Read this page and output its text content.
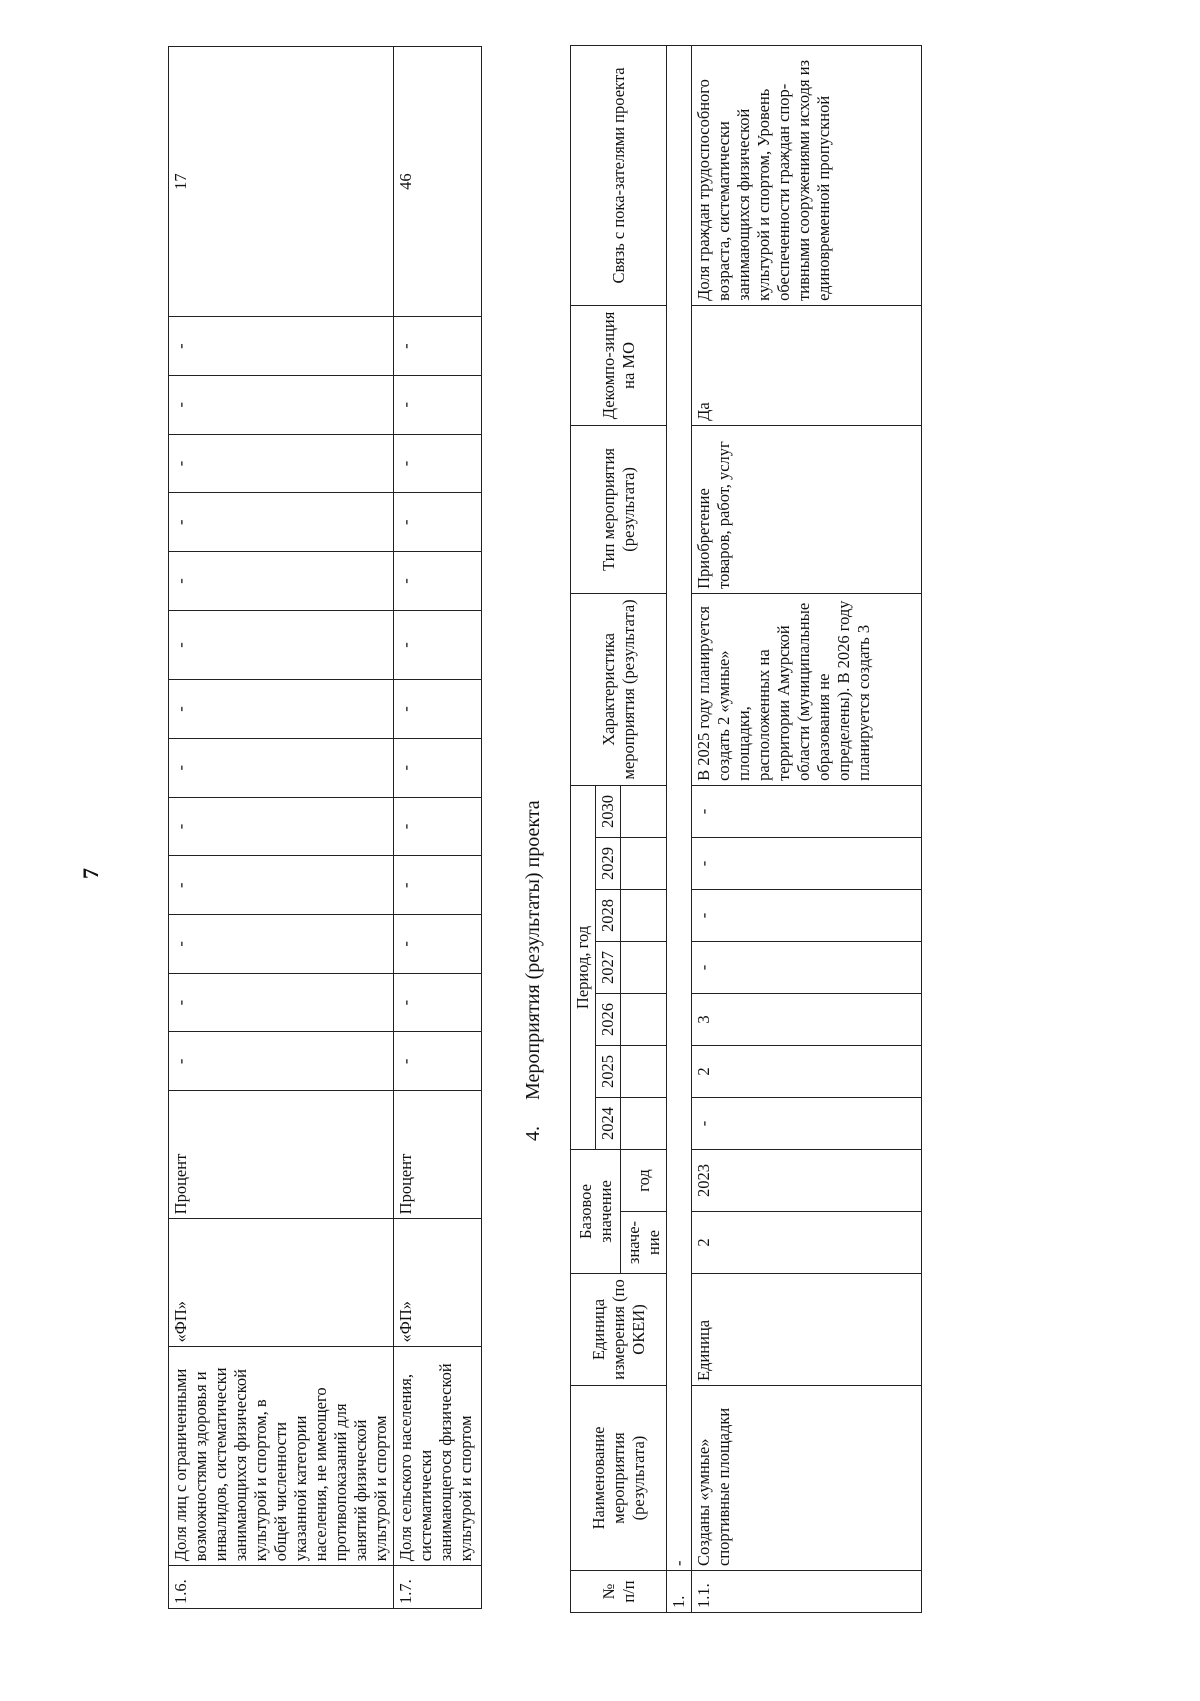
7
1.6.	Доля лиц с ограниченными возможностями здоровья и инвалидов, систематически занимающихся физической культурой и спортом, в общей численности указанной категории населения, не имеющего противопоказаний для занятий физической культурой и спортом	«ФП»	Процент	-	-	-	-	-	-	-	-	-	-	-	-	-	17
1.7.	Доля сельского населения, систематически занимающегося физической культурой и спортом	«ФП»	Процент	-	-	-	-	-	-	-	-	-	-	-	-	-	46
4.Мероприятия (результаты) проекта
№ п/п	Наименование мероприятия (результата)	Единица измерения (по ОКЕИ)	Базовое значение		Период, год							Характеристика мероприятия (результата)	Тип мероприятия (результата)	Декомпо-зиция на МО	Связь с пока-зателями проекта
					2024	2025	2026	2027	2028	2029	2030				
			значе-ние	год											
1.	-														
1.1.	Созданы «умные» спортивные площадки	Единица	2	2023	-	2	3	-	-	-	-	В 2025 году планируется создать 2 «умные» площадки, расположенных на территории Амурской области (муниципальные образования не определены). В 2026 году планируется создать 3	Приобретение товаров, работ, услуг	Да	Доля граждан трудоспособного возраста, систематически занимающихся физической культурой и спортом, Уровень обеспеченности граждан спор-тивными сооружениями исходя из единовременной пропускной
